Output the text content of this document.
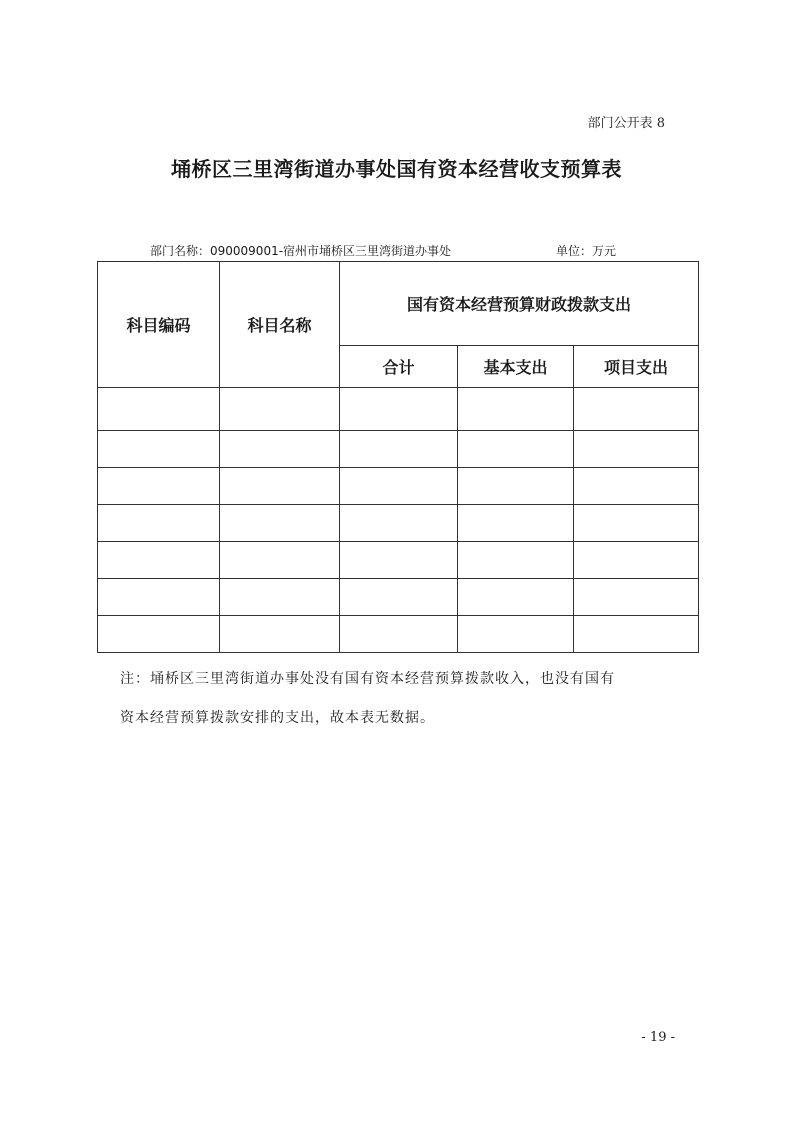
部门公开表 8
埇桥区三里湾街道办事处国有资本经营收支预算表
部门名称：090009001-宿州市埇桥区三里湾街道办事处	单位：万元
科目编码	科目名称	国有资本经营预算财政拨款支出		
		合计	基本支出	项目支出

注：埇桥区三里湾街道办事处没有国有资本经营预算拨款收入，也没有国有
资本经营预算拨款安排的支出，故本表无数据。
- 19 -
